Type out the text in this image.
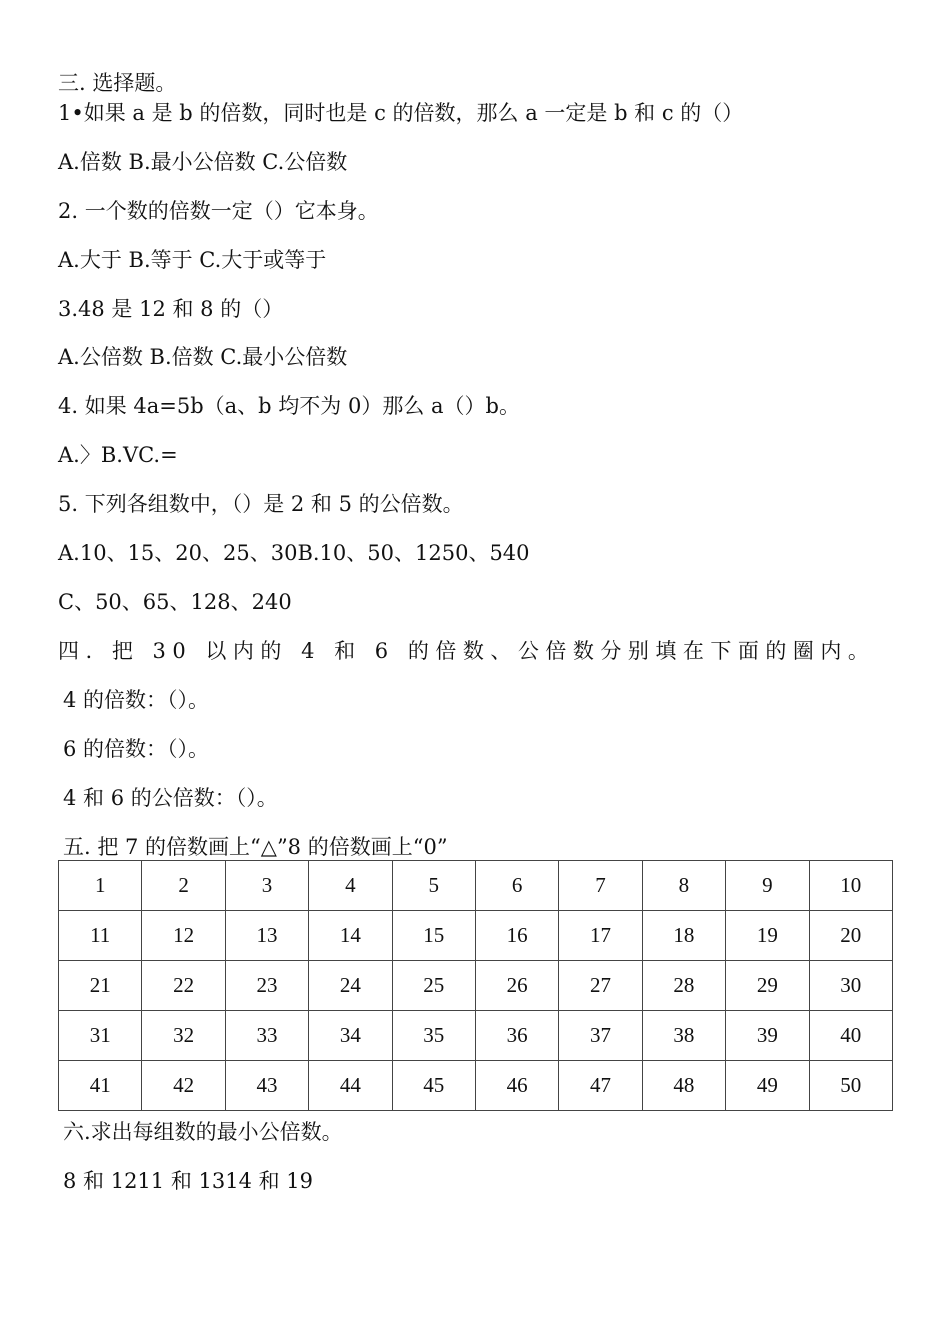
三. 选择题。
1•如果 a 是 b 的倍数，同时也是 c 的倍数，那么 a 一定是 b 和 c 的（）
A.倍数 B.最小公倍数 C.公倍数
2. 一个数的倍数一定（）它本身。
A.大于 B.等于 C.大于或等于
3.48 是 12 和 8 的（）
A.公倍数 B.倍数 C.最小公倍数
4. 如果 4a=5b（a、b 均不为 0）那么 a（）b。
A.〉B.VC.=
5. 下列各组数中，（）是 2 和 5 的公倍数。
A.10、15、20、25、30B.10、50、1250、540
C、50、65、128、240
四. 把 30 以内的 4 和 6 的倍数、公倍数分别填在下面的圈内。
4 的倍数：（）。
6 的倍数：（）。
4 和 6 的公倍数：（）。
五. 把 7 的倍数画上“△”8 的倍数画上“0”
1	2	3	4	5	6	7	8	9	10
11	12	13	14	15	16	17	18	19	20
21	22	23	24	25	26	27	28	29	30
31	32	33	34	35	36	37	38	39	40
41	42	43	44	45	46	47	48	49	50
六.求出每组数的最小公倍数。
8 和 1211 和 1314 和 19
